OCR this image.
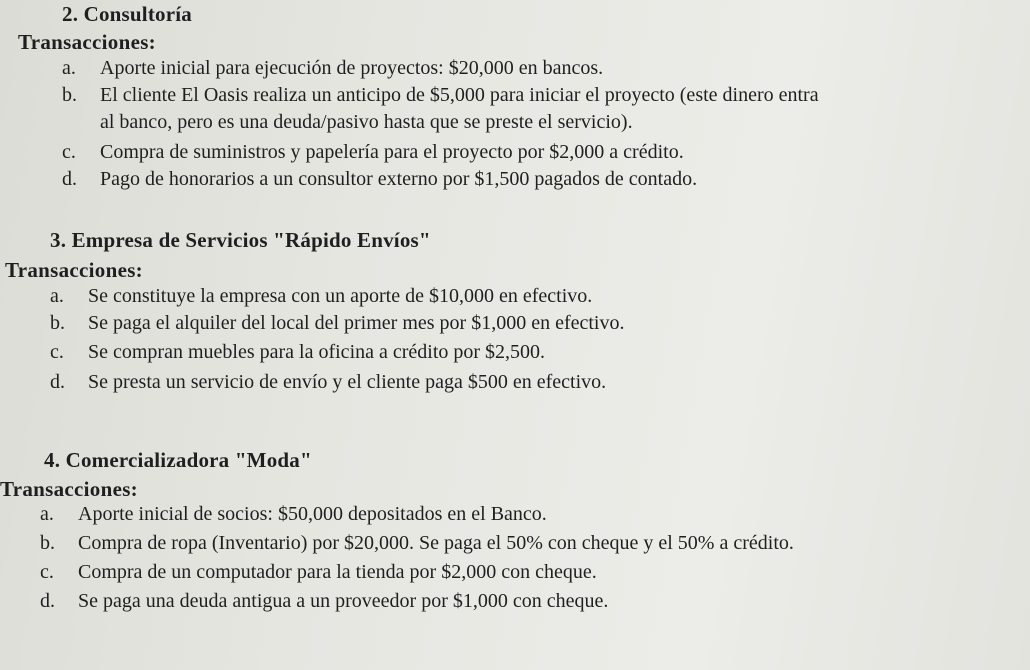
2. Consultoría
Transacciones:
a. Aporte inicial para ejecución de proyectos: $20,000 en bancos.
b. El cliente El Oasis realiza un anticipo de $5,000 para iniciar el proyecto (este dinero entra
al banco, pero es una deuda/pasivo hasta que se preste el servicio).
c. Compra de suministros y papelería para el proyecto por $2,000 a crédito.
d. Pago de honorarios a un consultor externo por $1,500 pagados de contado.
3. Empresa de Servicios "Rápido Envíos"
Transacciones:
a. Se constituye la empresa con un aporte de $10,000 en efectivo.
b. Se paga el alquiler del local del primer mes por $1,000 en efectivo.
c. Se compran muebles para la oficina a crédito por $2,500.
d. Se presta un servicio de envío y el cliente paga $500 en efectivo.
4. Comercializadora "Moda"
Transacciones:
a. Aporte inicial de socios: $50,000 depositados en el Banco.
b. Compra de ropa (Inventario) por $20,000. Se paga el 50% con cheque y el 50% a crédito.
c. Compra de un computador para la tienda por $2,000 con cheque.
d. Se paga una deuda antigua a un proveedor por $1,000 con cheque.
